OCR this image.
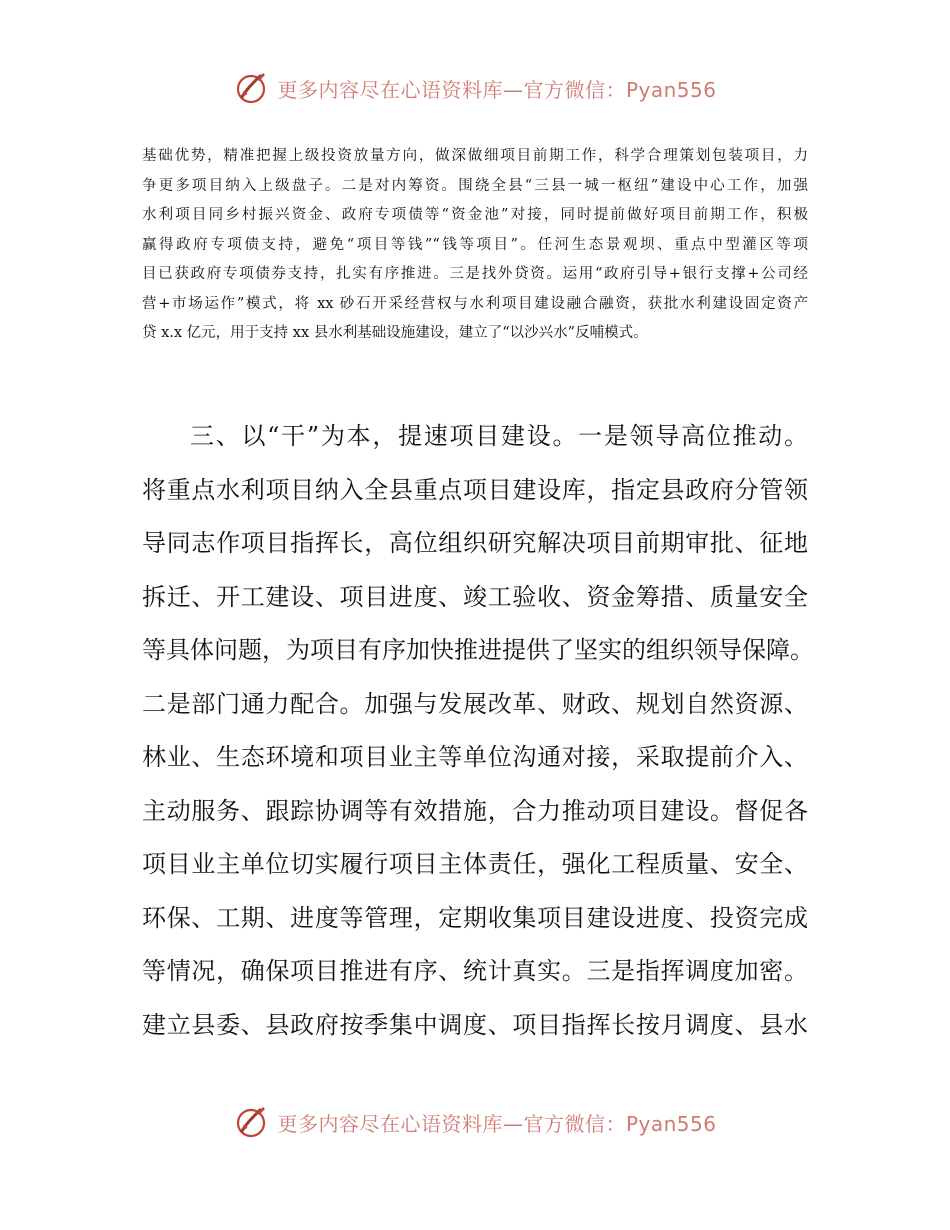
更多内容尽在心语资料库—官方微信：Pyan556
基础优势，精准把握上级投资放量方向，做深做细项目前期工作，科学合理策划包装项目，力
争更多项目纳入上级盘子。二是对内筹资。围绕全县“三县一城一枢纽”建设中心工作，加强
水利项目同乡村振兴资金、政府专项债等“资金池”对接，同时提前做好项目前期工作，积极
赢得政府专项债支持，避免“项目等钱”“钱等项目”。任河生态景观坝、重点中型灌区等项
目已获政府专项债券支持，扎实有序推进。三是找外贷资。运用“政府引导+银行支撑+公司经
营+市场运作”模式，将 xx 砂石开采经营权与水利项目建设融合融资，获批水利建设固定资产
贷 x.x 亿元，用于支持 xx 县水利基础设施建设，建立了“以沙兴水”反哺模式。
三、以“干”为本，提速项目建设。一是领导高位推动。
将重点水利项目纳入全县重点项目建设库，指定县政府分管领
导同志作项目指挥长，高位组织研究解决项目前期审批、征地
拆迁、开工建设、项目进度、竣工验收、资金筹措、质量安全
等具体问题，为项目有序加快推进提供了坚实的组织领导保障。
二是部门通力配合。加强与发展改革、财政、规划自然资源、
林业、生态环境和项目业主等单位沟通对接，采取提前介入、
主动服务、跟踪协调等有效措施，合力推动项目建设。督促各
项目业主单位切实履行项目主体责任，强化工程质量、安全、
环保、工期、进度等管理，定期收集项目建设进度、投资完成
等情况，确保项目推进有序、统计真实。三是指挥调度加密。
建立县委、县政府按季集中调度、项目指挥长按月调度、县水
更多内容尽在心语资料库—官方微信：Pyan556
